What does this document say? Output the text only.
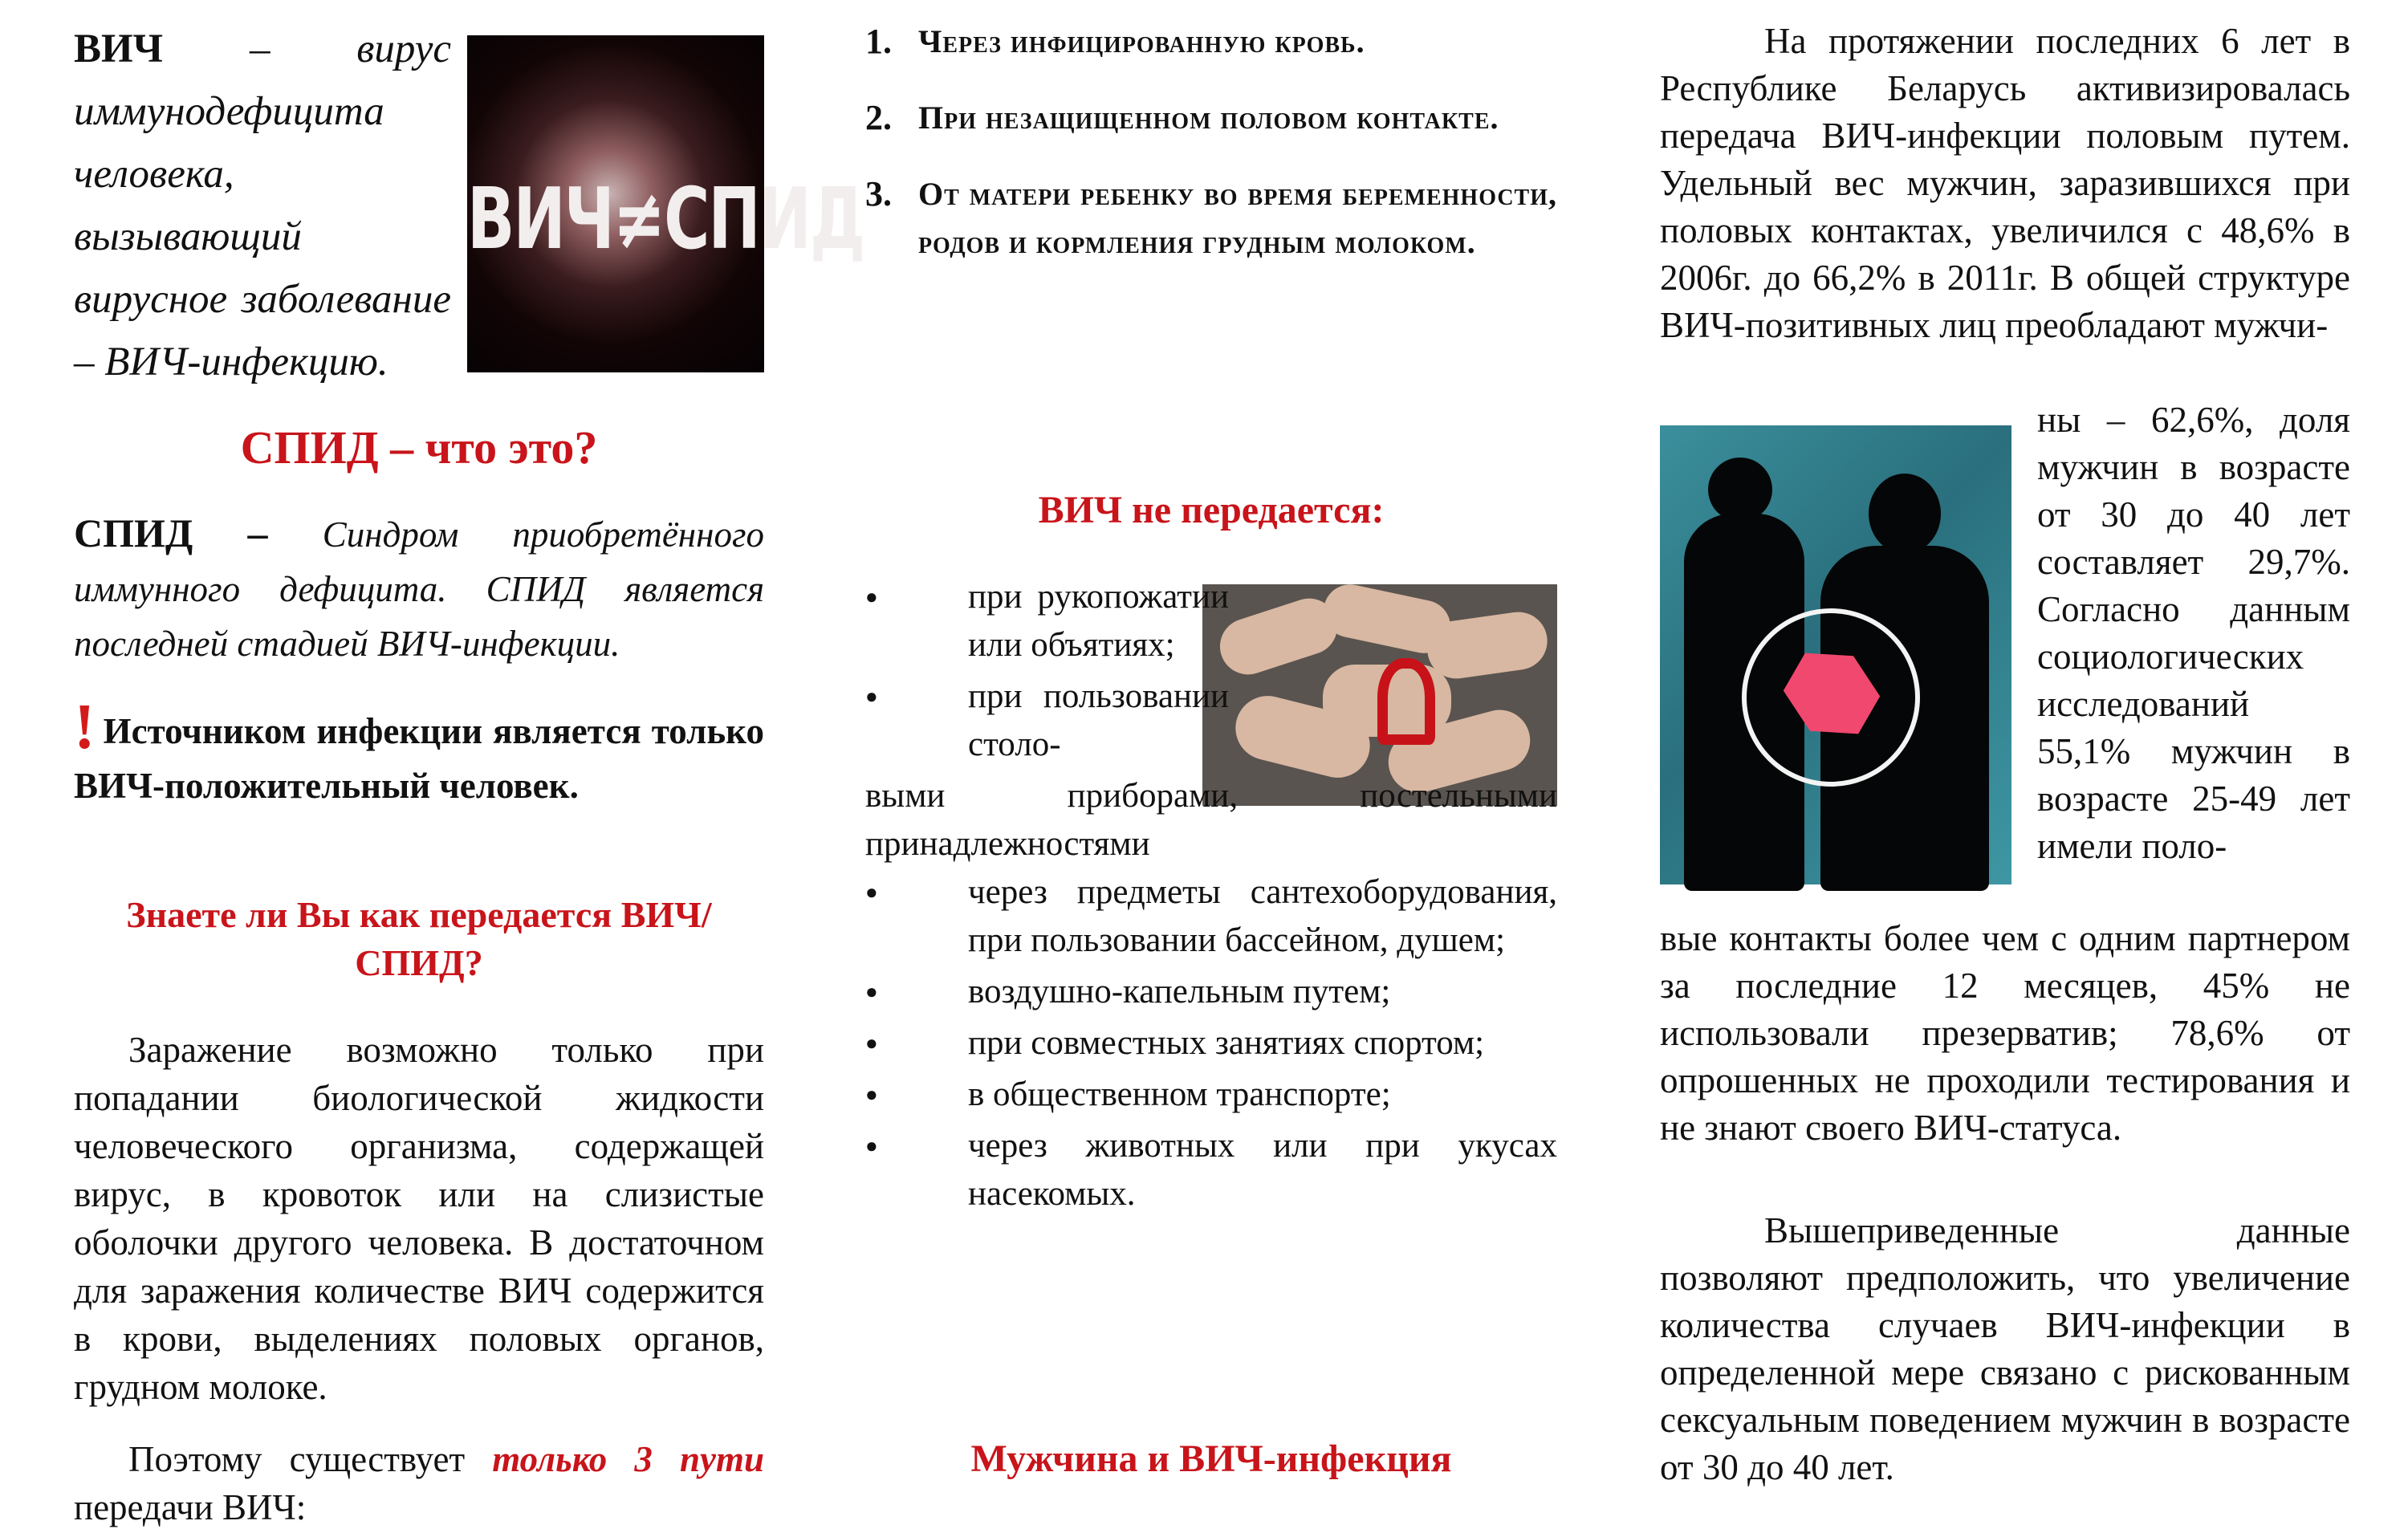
ВИЧ – вирус иммунодефицита человека, вызывающий вирусное заболевание – ВИЧ-инфекцию.
ВИЧ≠СПИД
СПИД – что это?
СПИД – Синдром приобретённого иммунного дефицита. СПИД является последней стадией ВИЧ-инфекции.
! Источником инфекции является только ВИЧ-положительный человек.
Знаете ли Вы как передается ВИЧ/СПИД?
Заражение возможно только при попадании биологической жидкости человеческого организма, содержащей вирус, в кровоток или на слизистые оболочки другого человека. В достаточном для заражения количестве ВИЧ содержится в крови, выделениях половых органов, грудном молоке.
Поэтому существует только 3 пути передачи ВИЧ:
1. Через инфицированную кровь.
2. При незащищенном половом контакте.
3. От матери ребенку во время беременности, родов и кормления грудным молоком.
ВИЧ не передается:
● при рукопожатии или объятиях;
● при пользовании столо-
выми приборами, постельными принадлежностями
● через предметы сантехоборудования, при пользовании бассейном, душем;
● воздушно-капельным путем;
● при совместных занятиях спортом;
● в общественном транспорте;
● через животных или при укусах насекомых.
Мужчина и ВИЧ-инфекция
На протяжении последних 6 лет в Республике Беларусь активизировалась передача ВИЧ-инфекции половым путем. Удельный вес мужчин, заразившихся при половых контактах, увеличился с 48,6% в 2006г. до 66,2% в 2011г. В общей структуре ВИЧ-позитивных лиц преобладают мужчи-
ны – 62,6%, доля мужчин в возрасте от 30 до 40 лет составляет 29,7%. Согласно данным социологических исследований 55,1% мужчин в возрасте 25-49 лет имели поло-
вые контакты более чем с одним партнером за последние 12 месяцев, 45% не использовали презерватив; 78,6% от опрошенных не проходили тестирования и не знают своего ВИЧ-статуса.
Вышеприведенные данные позволяют предположить, что увеличение количества случаев ВИЧ-инфекции в определенной мере связано с рискованным сексуальным поведением мужчин в возрасте от 30 до 40 лет.
